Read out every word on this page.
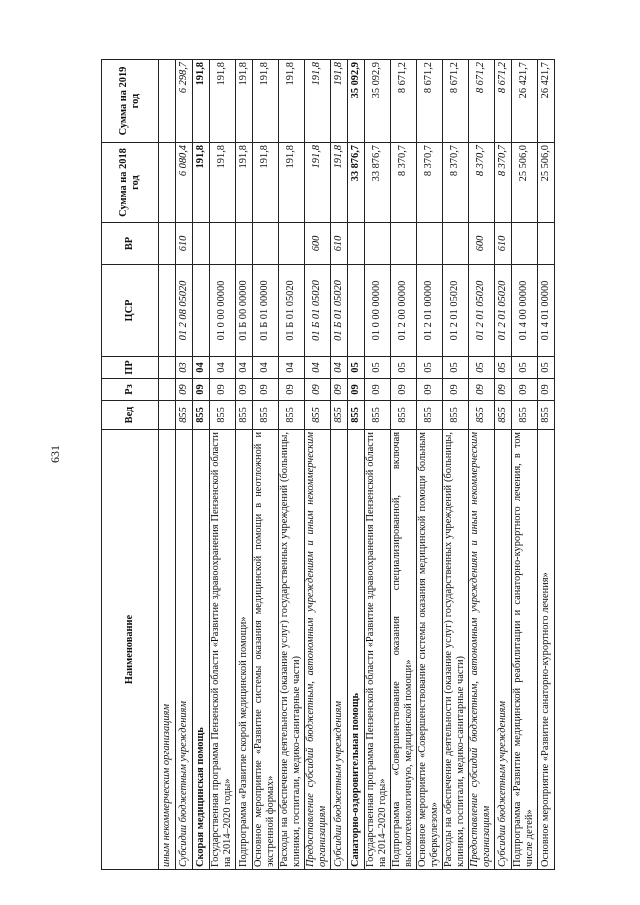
631
Наименование	Вед	Рз	ПР	ЦСР	ВР	Сумма на 2018 год	Сумма на 2019 год
иным некоммерческим организациям							
Субсидии бюджетным учреждениям	855	09	03	01 2 08 05020	610	6 080,4	6 298,7
Скорая медицинская помощь	855	09	04			191,8	191,8
Государственная программа Пензенской области «Развитие здравоохранения Пензенской области на 2014–2020 годы»	855	09	04	01 0 00 00000		191,8	191,8
Подпрограмма «Развитие скорой медицинской помощи»	855	09	04	01 Б 00 00000		191,8	191,8
Основное мероприятие «Развитие системы оказания медицинской помощи в неотложной и экстренной формах»	855	09	04	01 Б 01 00000		191,8	191,8
Расходы на обеспечение деятельности (оказание услуг) государственных учреждений (больницы, клиники, госпитали, медико-санитарные части)	855	09	04	01 Б 01 05020		191,8	191,8
Предоставление субсидий бюджетным, автономным учреждениям и иным некоммерческим организациям	855	09	04	01 Б 01 05020	600	191,8	191,8
Субсидии бюджетным учреждениям	855	09	04	01 Б 01 05020	610	191,8	191,8
Санаторно-оздоровительная помощь	855	09	05			33 876,7	35 092,9
Государственная программа Пензенской области «Развитие здравоохранения Пензенской области на 2014–2020 годы»	855	09	05	01 0 00 00000		33 876,7	35 092,9
Подпрограмма «Совершенствование оказания специализированной, включая высокотехнологичную, медицинской помощи»	855	09	05	01 2 00 00000		8 370,7	8 671,2
Основное мероприятие «Совершенствование системы оказания медицинской помощи больным туберкулезом»	855	09	05	01 2 01 00000		8 370,7	8 671,2
Расходы на обеспечение деятельности (оказание услуг) государственных учреждений (больницы, клиники, госпитали, медико-санитарные части)	855	09	05	01 2 01 05020		8 370,7	8 671,2
Предоставление субсидий бюджетным, автономным учреждениям и иным некоммерческим организациям	855	09	05	01 2 01 05020	600	8 370,7	8 671,2
Субсидии бюджетным учреждениям	855	09	05	01 2 01 05020	610	8 370,7	8 671,2
Подпрограмма «Развитие медицинской реабилитации и санаторно-курортного лечения, в том числе детей»	855	09	05	01 4 00 00000		25 506,0	26 421,7
Основное мероприятие «Развитие санаторно-курортного лечения»	855	09	05	01 4 01 00000		25 506,0	26 421,7
